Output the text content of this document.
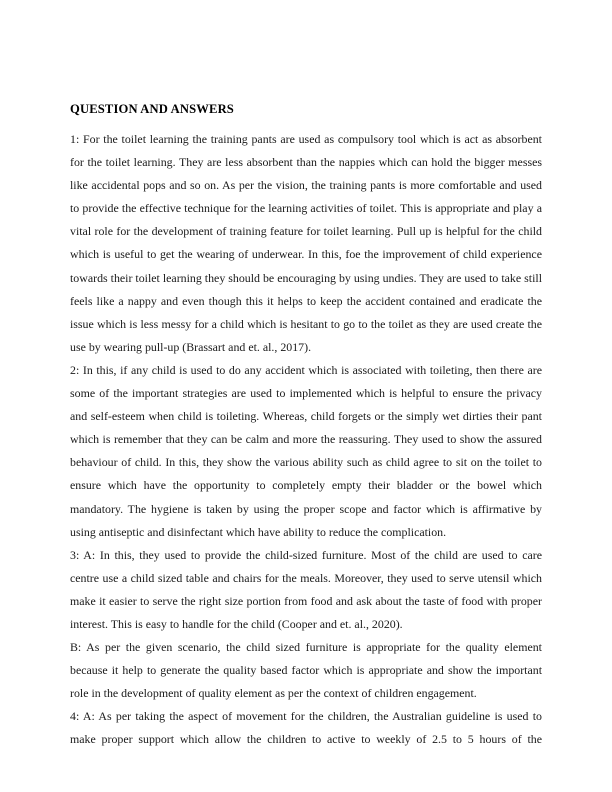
QUESTION AND ANSWERS

1: For the toilet learning the training pants are used as compulsory tool which is act as absorbent for the toilet learning. They are less absorbent than the nappies which can hold the bigger messes like accidental pops and so on. As per the vision, the training pants is more comfortable and used to provide the effective technique for the learning activities of toilet. This is appropriate and play a vital role for the development of training feature for toilet learning. Pull up is helpful for the child which is useful to get the wearing of underwear. In this, foe the improvement of child experience towards their toilet learning they should be encouraging by using undies. They are used to take still feels like a nappy and even though this it helps to keep the accident contained and eradicate the issue which is less messy for a child which is hesitant to go to the toilet as they are used create the use by wearing pull-up (Brassart and et. al., 2017).

2: In this, if any child is used to do any accident which is associated with toileting, then there are some of the important strategies are used to implemented which is helpful to ensure the privacy and self-esteem when child is toileting. Whereas, child forgets or the simply wet dirties their pant which is remember that they can be calm and more the reassuring. They used to show the assured behaviour of child. In this, they show the various ability such as child agree to sit on the toilet to ensure which have the opportunity to completely empty their bladder or the bowel which mandatory. The hygiene is taken by using the proper scope and factor which is affirmative by using antiseptic and disinfectant which have ability to reduce the complication.

3: A: In this, they used to provide the child-sized furniture. Most of the child are used to care centre use a child sized table and chairs for the meals. Moreover, they used to serve utensil which make it easier to serve the right size portion from food and ask about the taste of food with proper interest. This is easy to handle for the child (Cooper and et. al., 2020).

B: As per the given scenario, the child sized furniture is appropriate for the quality element because it help to generate the quality based factor which is appropriate and show the important role in the development of quality element as per the context of children engagement.

4: A: As per taking the aspect of movement for the children, the Australian guideline is used to make proper support which allow the children to active to weekly of 2.5 to 5 hours of the
